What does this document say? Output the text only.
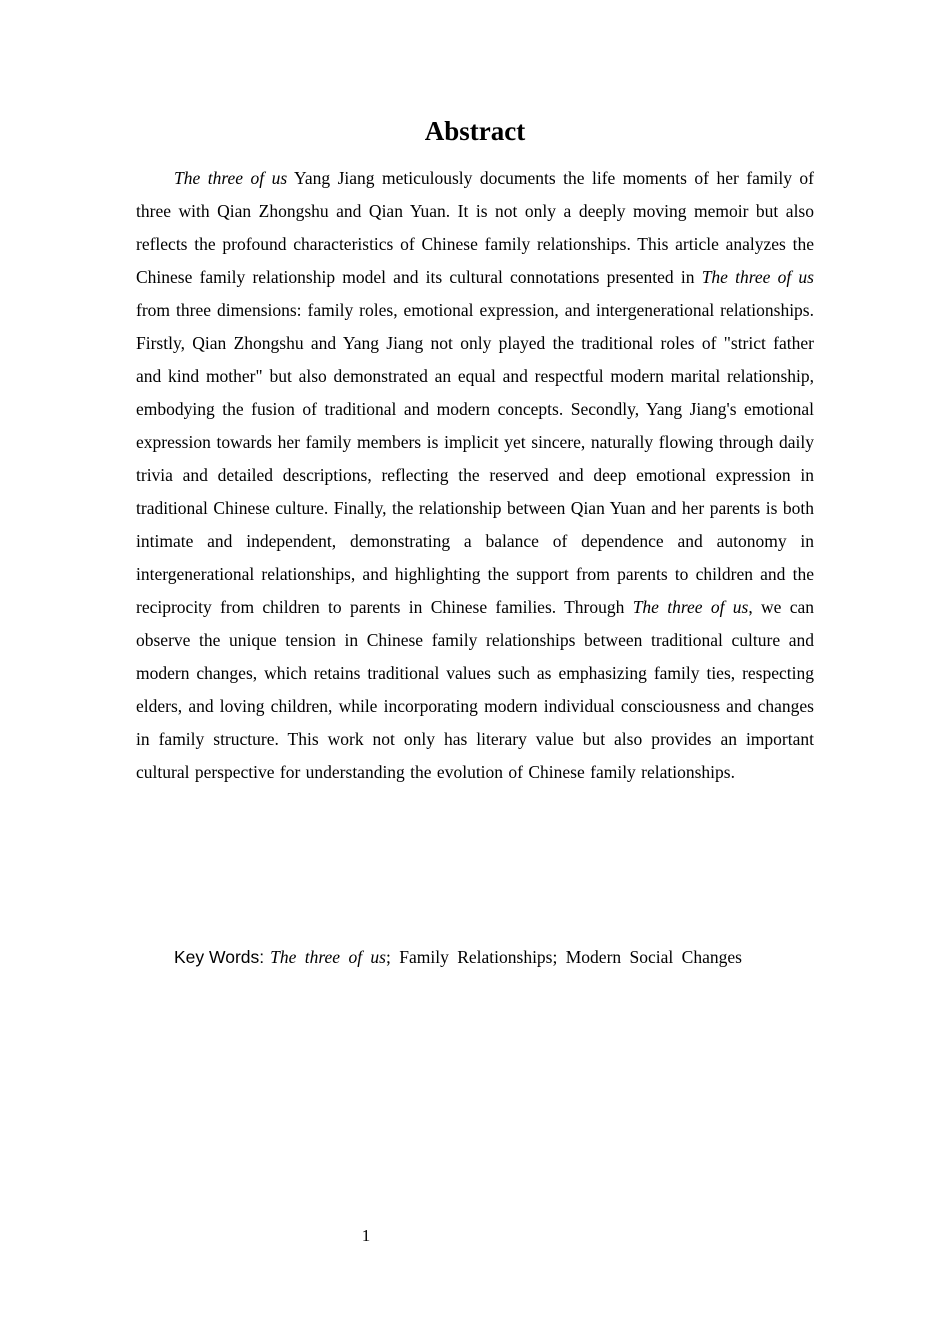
Abstract

The three of us Yang Jiang meticulously documents the life moments of her family of three with Qian Zhongshu and Qian Yuan. It is not only a deeply moving memoir but also reflects the profound characteristics of Chinese family relationships. This article analyzes the Chinese family relationship model and its cultural connotations presented in The three of us from three dimensions: family roles, emotional expression, and intergenerational relationships. Firstly, Qian Zhongshu and Yang Jiang not only played the traditional roles of "strict father and kind mother" but also demonstrated an equal and respectful modern marital relationship, embodying the fusion of traditional and modern concepts. Secondly, Yang Jiang's emotional expression towards her family members is implicit yet sincere, naturally flowing through daily trivia and detailed descriptions, reflecting the reserved and deep emotional expression in traditional Chinese culture. Finally, the relationship between Qian Yuan and her parents is both intimate and independent, demonstrating a balance of dependence and autonomy in intergenerational relationships, and highlighting the support from parents to children and the reciprocity from children to parents in Chinese families. Through The three of us, we can observe the unique tension in Chinese family relationships between traditional culture and modern changes, which retains traditional values such as emphasizing family ties, respecting elders, and loving children, while incorporating modern individual consciousness and changes in family structure. This work not only has literary value but also provides an important cultural perspective for understanding the evolution of Chinese family relationships.

Key Words: The three of us; Family Relationships; Modern Social Changes

1
